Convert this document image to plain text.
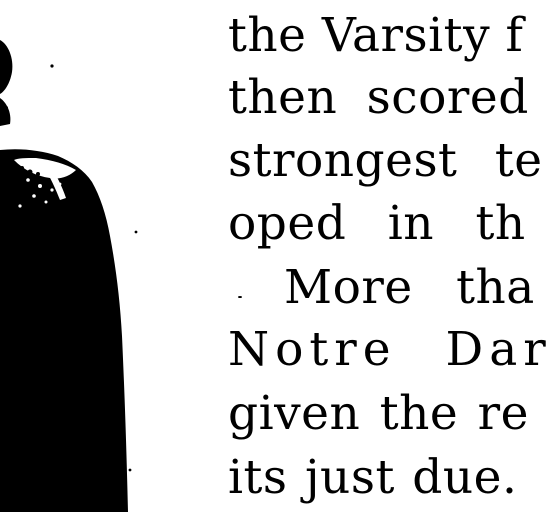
the Varsity f
then scored
strongest te
oped in th
More tha
Notre Dar
given the re
its just due.
